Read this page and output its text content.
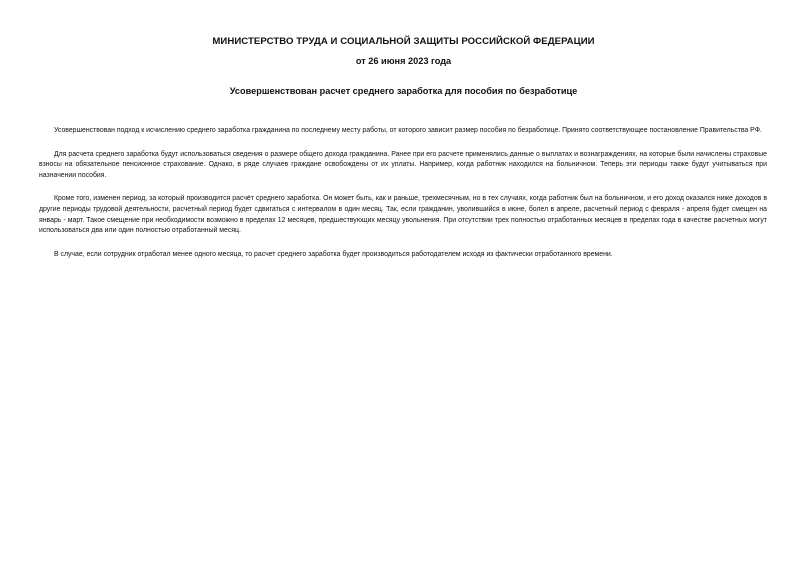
МИНИСТЕРСТВО ТРУДА И СОЦИАЛЬНОЙ ЗАЩИТЫ РОССИЙСКОЙ ФЕДЕРАЦИИ
от 26 июня 2023 года
Усовершенствован расчет среднего заработка для пособия по безработице

Усовершенствован подход к исчислению среднего заработка гражданина по последнему месту работы, от которого зависит размер пособия по безработице. Принято соответствующее постановление Правительства РФ.

Для расчета среднего заработка будут использоваться сведения о размере общего дохода гражданина. Ранее при его расчете применялись данные о выплатах и вознаграждениях, на которые были начислены страховые взносы на обязательное пенсионное страхование. Однако, в ряде случаев граждане освобождены от их уплаты. Например, когда работник находился на больничном. Теперь эти периоды также будут учитываться при назначении пособия.

Кроме того, изменен период, за который производится расчёт среднего заработка. Он может быть, как и раньше, трехмесячным, но в тех случаях, когда работник был на больничном, и его доход оказался ниже доходов в другие периоды трудовой деятельности, расчетный период будет сдвигаться с интервалом в один месяц. Так, если гражданин, уволившийся в июне, болел в апреле, расчетный период с февраля - апреля будет смещен на январь - март. Такое смещение при необходимости возможно в пределах 12 месяцев, предшествующих месяцу увольнения. При отсутствии трех полностью отработанных месяцев в пределах года в качестве расчетных могут использоваться два или один полностью отработанный месяц.

В случае, если сотрудник отработал менее одного месяца, то расчет среднего заработка будет производиться работодателем исходя из фактически отработанного времени.
